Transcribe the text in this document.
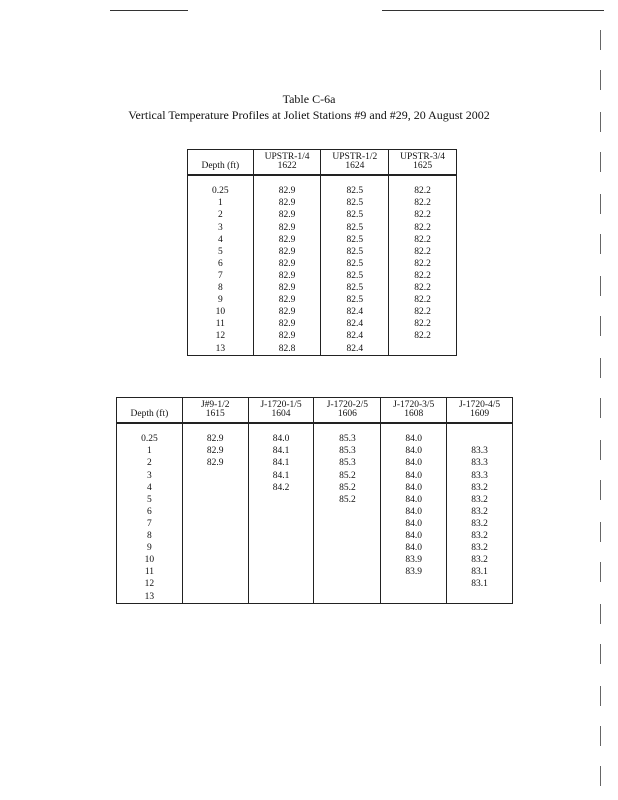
Table C-6a
Vertical Temperature Profiles at Joliet Stations #9 and #29, 20 August 2002
	UPSTR-1/4	UPSTR-1/2	UPSTR-3/4
Depth (ft)	1622	1624	1625

0.25	82.9	82.5	82.2
1	82.9	82.5	82.2
2	82.9	82.5	82.2
3	82.9	82.5	82.2
4	82.9	82.5	82.2
5	82.9	82.5	82.2
6	82.9	82.5	82.2
7	82.9	82.5	82.2
8	82.9	82.5	82.2
9	82.9	82.5	82.2
10	82.9	82.4	82.2
11	82.9	82.4	82.2
12	82.9	82.4	82.2
13	82.8	82.4	
	J#9-1/2	J-1720-1/5	J-1720-2/5	J-1720-3/5	J-1720-4/5
Depth (ft)	1615	1604	1606	1608	1609

0.25	82.9	84.0	85.3	84.0	
1	82.9	84.1	85.3	84.0	83.3
2	82.9	84.1	85.3	84.0	83.3
3		84.1	85.2	84.0	83.3
4		84.2	85.2	84.0	83.2
5			85.2	84.0	83.2
6				84.0	83.2
7				84.0	83.2
8				84.0	83.2
9				84.0	83.2
10				83.9	83.2
11				83.9	83.1
12					83.1
13					
